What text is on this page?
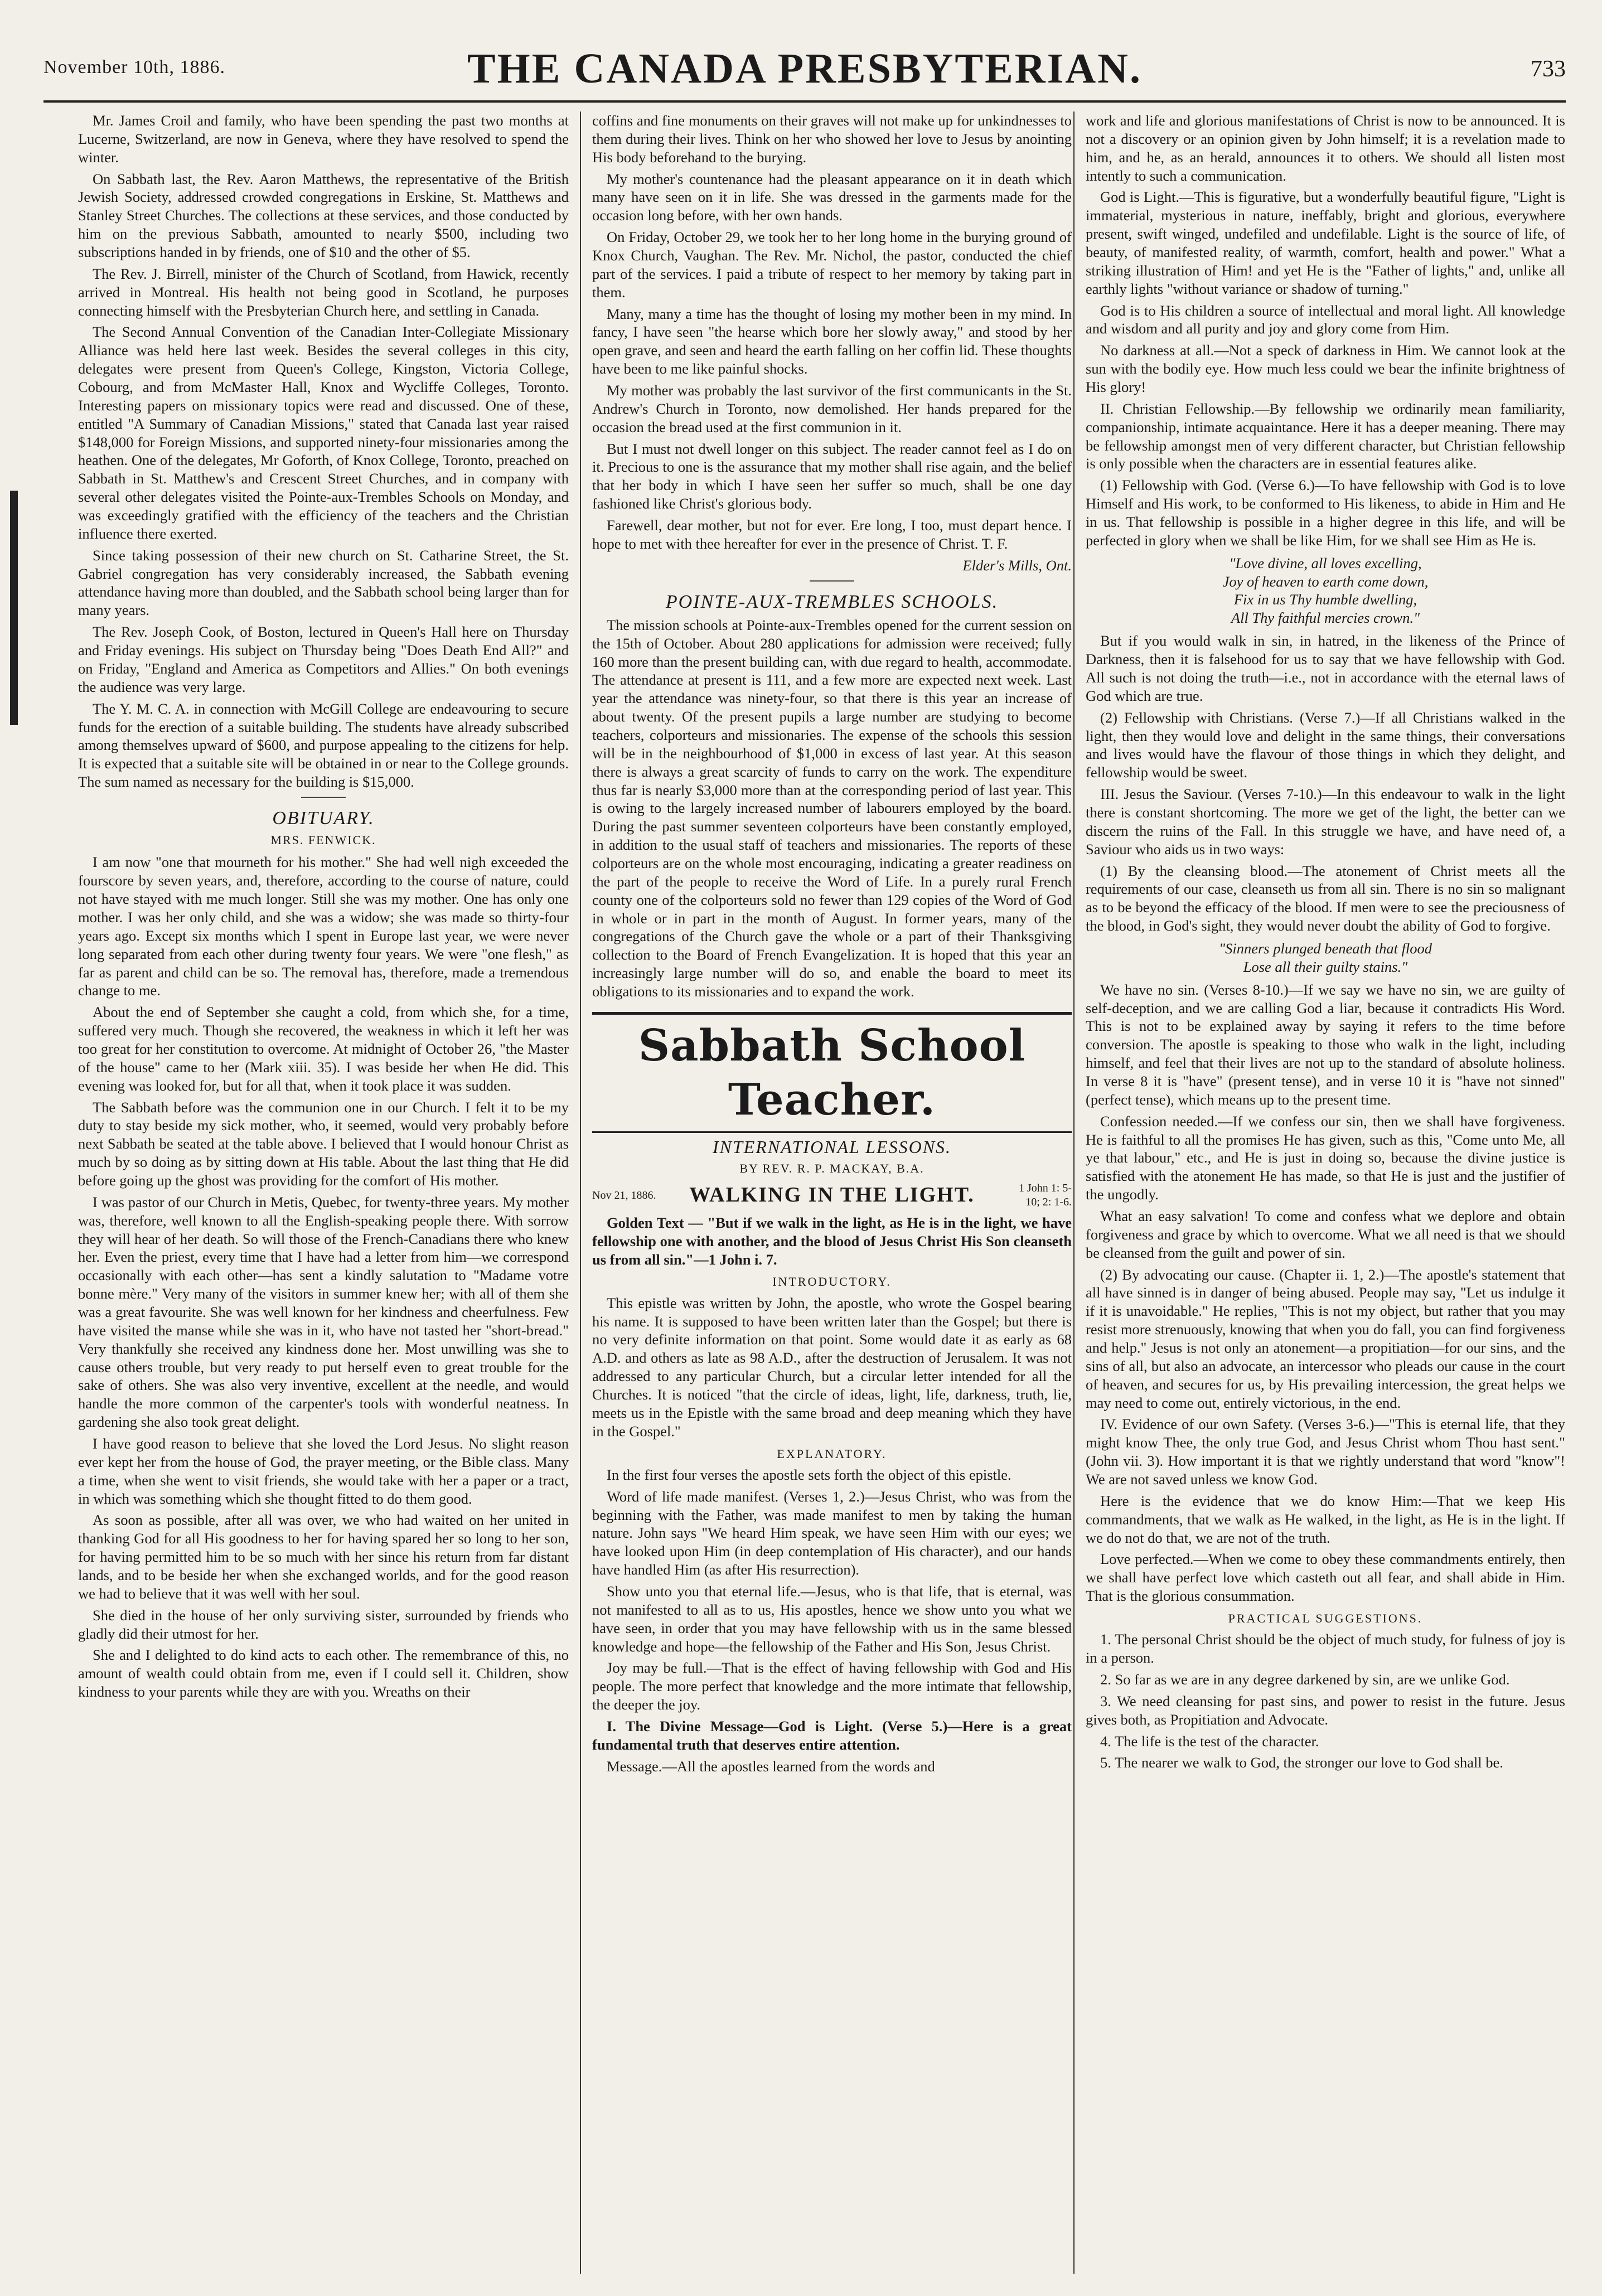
November 10th, 1886.	THE CANADA PRESBYTERIAN.	733

Mr. James Croil and family, who have been spending the past two months at Lucerne, Switzerland, are now in Geneva, where they have resolved to spend the winter.

On Sabbath last, the Rev. Aaron Matthews, the representative of the British Jewish Society, addressed crowded congregations in Erskine, St. Matthews and Stanley Street Churches. The collections at these services, and those conducted by him on the previous Sabbath, amounted to nearly $500, including two subscriptions handed in by friends, one of $10 and the other of $5.

The Rev. J. Birrell, minister of the Church of Scotland, from Hawick, recently arrived in Montreal. His health not being good in Scotland, he purposes connecting himself with the Presbyterian Church here, and settling in Canada.

The Second Annual Convention of the Canadian Inter-Collegiate Missionary Alliance was held here last week. Besides the several colleges in this city, delegates were present from Queen's College, Kingston, Victoria College, Cobourg, and from McMaster Hall, Knox and Wycliffe Colleges, Toronto. Interesting papers on missionary topics were read and discussed. One of these, entitled "A Summary of Canadian Missions," stated that Canada last year raised $148,000 for Foreign Missions, and supported ninety-four missionaries among the heathen. One of the delegates, Mr Goforth, of Knox College, Toronto, preached on Sabbath in St. Matthew's and Crescent Street Churches, and in company with several other delegates visited the Pointe-aux-Trembles Schools on Monday, and was exceedingly gratified with the efficiency of the teachers and the Christian influence there exerted.

Since taking possession of their new church on St. Catharine Street, the St. Gabriel congregation has very considerably increased, the Sabbath evening attendance having more than doubled, and the Sabbath school being larger than for many years.

The Rev. Joseph Cook, of Boston, lectured in Queen's Hall here on Thursday and Friday evenings. His subject on Thursday being "Does Death End All?" and on Friday, "England and America as Competitors and Allies." On both evenings the audience was very large.

The Y. M. C. A. in connection with McGill College are endeavouring to secure funds for the erection of a suitable building. The students have already subscribed among themselves upward of $600, and purpose appealing to the citizens for help. It is expected that a suitable site will be obtained in or near to the College grounds. The sum named as necessary for the building is $15,000.

OBITUARY.
MRS. FENWICK.

I am now "one that mourneth for his mother." She had well nigh exceeded the fourscore by seven years, and, therefore, according to the course of nature, could not have stayed with me much longer. Still she was my mother. One has only one mother. I was her only child, and she was a widow; she was made so thirty-four years ago. Except six months which I spent in Europe last year, we were never long separated from each other during twenty four years. We were "one flesh," as far as parent and child can be so. The removal has, therefore, made a tremendous change to me.

About the end of September she caught a cold, from which she, for a time, suffered very much. Though she recovered, the weakness in which it left her was too great for her constitution to overcome. At midnight of October 26, "the Master of the house" came to her (Mark xiii. 35). I was beside her when He did. This evening was looked for, but for all that, when it took place it was sudden.

The Sabbath before was the communion one in our Church. I felt it to be my duty to stay beside my sick mother, who, it seemed, would very probably before next Sabbath be seated at the table above. I believed that I would honour Christ as much by so doing as by sitting down at His table. About the last thing that He did before going up the ghost was providing for the comfort of His mother.

I was pastor of our Church in Metis, Quebec, for twenty-three years. My mother was, therefore, well known to all the English-speaking people there. With sorrow they will hear of her death. So will those of the French-Canadians there who knew her. Even the priest, every time that I have had a letter from him—we correspond occasionally with each other—has sent a kindly salutation to "Madame votre bonne mère." Very many of the visitors in summer knew her; with all of them she was a great favourite. She was well known for her kindness and cheerfulness. Few have visited the manse while she was in it, who have not tasted her "short-bread." Very thankfully she received any kindness done her. Most unwilling was she to cause others trouble, but very ready to put herself even to great trouble for the sake of others. She was also very inventive, excellent at the needle, and would handle the more common of the carpenter's tools with wonderful neatness. In gardening she also took great delight.

I have good reason to believe that she loved the Lord Jesus. No slight reason ever kept her from the house of God, the prayer meeting, or the Bible class. Many a time, when she went to visit friends, she would take with her a paper or a tract, in which was something which she thought fitted to do them good.

As soon as possible, after all was over, we who had waited on her united in thanking God for all His goodness to her for having spared her so long to her son, for having permitted him to be so much with her since his return from far distant lands, and to be beside her when she exchanged worlds, and for the good reason we had to believe that it was well with her soul.

She died in the house of her only surviving sister, surrounded by friends who gladly did their utmost for her.

She and I delighted to do kind acts to each other. The remembrance of this, no amount of wealth could obtain from me, even if I could sell it. Children, show kindness to your parents while they are with you. Wreaths on their

coffins and fine monuments on their graves will not make up for unkindnesses to them during their lives. Think on her who showed her love to Jesus by anointing His body beforehand to the burying.

My mother's countenance had the pleasant appearance on it in death which many have seen on it in life. She was dressed in the garments made for the occasion long before, with her own hands.

On Friday, October 29, we took her to her long home in the burying ground of Knox Church, Vaughan. The Rev. Mr. Nichol, the pastor, conducted the chief part of the services. I paid a tribute of respect to her memory by taking part in them.

Many, many a time has the thought of losing my mother been in my mind. In fancy, I have seen "the hearse which bore her slowly away," and stood by her open grave, and seen and heard the earth falling on her coffin lid. These thoughts have been to me like painful shocks.

My mother was probably the last survivor of the first communicants in the St. Andrew's Church in Toronto, now demolished. Her hands prepared for the occasion the bread used at the first communion in it.

But I must not dwell longer on this subject. The reader cannot feel as I do on it. Precious to one is the assurance that my mother shall rise again, and the belief that her body in which I have seen her suffer so much, shall be one day fashioned like Christ's glorious body.

Farewell, dear mother, but not for ever. Ere long, I too, must depart hence. I hope to met with thee hereafter for ever in the presence of Christ. T. F.

Elder's Mills, Ont.
POINTE-AUX-TREMBLES SCHOOLS.

The mission schools at Pointe-aux-Trembles opened for the current session on the 15th of October. About 280 applications for admission were received; fully 160 more than the present building can, with due regard to health, accommodate. The attendance at present is 111, and a few more are expected next week. Last year the attendance was ninety-four, so that there is this year an increase of about twenty. Of the present pupils a large number are studying to become teachers, colporteurs and missionaries. The expense of the schools this session will be in the neighbourhood of $1,000 in excess of last year. At this season there is always a great scarcity of funds to carry on the work. The expenditure thus far is nearly $3,000 more than at the corresponding period of last year. This is owing to the largely increased number of labourers employed by the board. During the past summer seventeen colporteurs have been constantly employed, in addition to the usual staff of teachers and missionaries. The reports of these colporteurs are on the whole most encouraging, indicating a greater readiness on the part of the people to receive the Word of Life. In a purely rural French county one of the colporteurs sold no fewer than 129 copies of the Word of God in whole or in part in the month of August. In former years, many of the congregations of the Church gave the whole or a part of their Thanksgiving collection to the Board of French Evangelization. It is hoped that this year an increasingly large number will do so, and enable the board to meet its obligations to its missionaries and to expand the work.

Sabbath School Teacher.
INTERNATIONAL LESSONS.
BY REV. R. P. MACKAY, B.A.
Nov 21, 1886. WALKING IN THE LIGHT.	1 John 1: 5-10; 2: 1-6.

Golden Text — "But if we walk in the light, as He is in the light, we have fellowship one with another, and the blood of Jesus Christ His Son cleanseth us from all sin."—1 John i. 7.

INTRODUCTORY.

This epistle was written by John, the apostle, who wrote the Gospel bearing his name. It is supposed to have been written later than the Gospel; but there is no very definite information on that point. Some would date it as early as 68 A.D. and others as late as 98 A.D., after the destruction of Jerusalem. It was not addressed to any particular Church, but a circular letter intended for all the Churches. It is noticed "that the circle of ideas, light, life, darkness, truth, lie, meets us in the Epistle with the same broad and deep meaning which they have in the Gospel."

EXPLANATORY.

In the first four verses the apostle sets forth the object of this epistle.

Word of life made manifest. (Verses 1, 2.)—Jesus Christ, who was from the beginning with the Father, was made manifest to men by taking the human nature. John says "We heard Him speak, we have seen Him with our eyes; we have looked upon Him (in deep contemplation of His character), and our hands have handled Him (as after His resurrection).

Show unto you that eternal life.—Jesus, who is that life, that is eternal, was not manifested to all as to us, His apostles, hence we show unto you what we have seen, in order that you may have fellowship with us in the same blessed knowledge and hope—the fellowship of the Father and His Son, Jesus Christ.

Joy may be full.—That is the effect of having fellowship with God and His people. The more perfect that knowledge and the more intimate that fellowship, the deeper the joy.

I. The Divine Message—God is Light. (Verse 5.)—Here is a great fundamental truth that deserves entire attention.

Message.—All the apostles learned from the words and

work and life and glorious manifestations of Christ is now to be announced. It is not a discovery or an opinion given by John himself; it is a revelation made to him, and he, as an herald, announces it to others. We should all listen most intently to such a communication.

God is Light.—This is figurative, but a wonderfully beautiful figure, "Light is immaterial, mysterious in nature, ineffably, bright and glorious, everywhere present, swift winged, undefiled and undefilable. Light is the source of life, of beauty, of manifested reality, of warmth, comfort, health and power." What a striking illustration of Him! and yet He is the "Father of lights," and, unlike all earthly lights "without variance or shadow of turning."

God is to His children a source of intellectual and moral light. All knowledge and wisdom and all purity and joy and glory come from Him.

No darkness at all.—Not a speck of darkness in Him. We cannot look at the sun with the bodily eye. How much less could we bear the infinite brightness of His glory!

II. Christian Fellowship.—By fellowship we ordinarily mean familiarity, companionship, intimate acquaintance. Here it has a deeper meaning. There may be fellowship amongst men of very different character, but Christian fellowship is only possible when the characters are in essential features alike.

(1) Fellowship with God. (Verse 6.)—To have fellowship with God is to love Himself and His work, to be conformed to His likeness, to abide in Him and He in us. That fellowship is possible in a higher degree in this life, and will be perfected in glory when we shall be like Him, for we shall see Him as He is.

"Love divine, all loves excelling,
Joy of heaven to earth come down,
Fix in us Thy humble dwelling,
All Thy faithful mercies crown."

But if you would walk in sin, in hatred, in the likeness of the Prince of Darkness, then it is falsehood for us to say that we have fellowship with God. All such is not doing the truth—i.e., not in accordance with the eternal laws of God which are true.

(2) Fellowship with Christians. (Verse 7.)—If all Christians walked in the light, then they would love and delight in the same things, their conversations and lives would have the flavour of those things in which they delight, and fellowship would be sweet.

III. Jesus the Saviour. (Verses 7-10.)—In this endeavour to walk in the light there is constant shortcoming. The more we get of the light, the better can we discern the ruins of the Fall. In this struggle we have, and have need of, a Saviour who aids us in two ways:

(1) By the cleansing blood.—The atonement of Christ meets all the requirements of our case, cleanseth us from all sin. There is no sin so malignant as to be beyond the efficacy of the blood. If men were to see the preciousness of the blood, in God's sight, they would never doubt the ability of God to forgive.

"Sinners plunged beneath that flood
Lose all their guilty stains."

We have no sin. (Verses 8-10.)—If we say we have no sin, we are guilty of self-deception, and we are calling God a liar, because it contradicts His Word. This is not to be explained away by saying it refers to the time before conversion. The apostle is speaking to those who walk in the light, including himself, and feel that their lives are not up to the standard of absolute holiness. In verse 8 it is "have" (present tense), and in verse 10 it is "have not sinned" (perfect tense), which means up to the present time.

Confession needed.—If we confess our sin, then we shall have forgiveness. He is faithful to all the promises He has given, such as this, "Come unto Me, all ye that labour," etc., and He is just in doing so, because the divine justice is satisfied with the atonement He has made, so that He is just and the justifier of the ungodly.

What an easy salvation! To come and confess what we deplore and obtain forgiveness and grace by which to overcome. What we all need is that we should be cleansed from the guilt and power of sin.

(2) By advocating our cause. (Chapter ii. 1, 2.)—The apostle's statement that all have sinned is in danger of being abused. People may say, "Let us indulge it if it is unavoidable." He replies, "This is not my object, but rather that you may resist more strenuously, knowing that when you do fall, you can find forgiveness and help." Jesus is not only an atonement—a propitiation—for our sins, and the sins of all, but also an advocate, an intercessor who pleads our cause in the court of heaven, and secures for us, by His prevailing intercession, the great helps we may need to come out, entirely victorious, in the end.

IV. Evidence of our own Safety. (Verses 3-6.)—"This is eternal life, that they might know Thee, the only true God, and Jesus Christ whom Thou hast sent." (John vii. 3). How important it is that we rightly understand that word "know"! We are not saved unless we know God.

Here is the evidence that we do know Him:—That we keep His commandments, that we walk as He walked, in the light, as He is in the light. If we do not do that, we are not of the truth.

Love perfected.—When we come to obey these commandments entirely, then we shall have perfect love which casteth out all fear, and shall abide in Him. That is the glorious consummation.

PRACTICAL SUGGESTIONS.

1. The personal Christ should be the object of much study, for fulness of joy is in a person.

2. So far as we are in any degree darkened by sin, are we unlike God.

3. We need cleansing for past sins, and power to resist in the future. Jesus gives both, as Propitiation and Advocate.

4. The life is the test of the character.

5. The nearer we walk to God, the stronger our love to God shall be.
